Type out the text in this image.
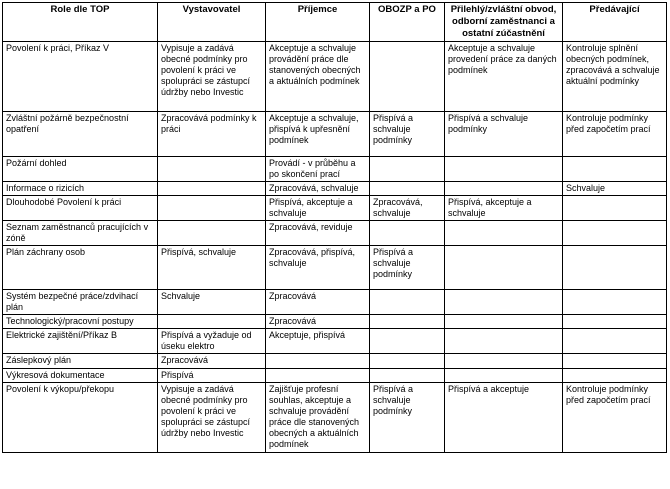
Role dle TOP	Vystavovatel	Příjemce	OBOZP a PO	Přilehlý/zvláštní obvod, odborní zaměstnanci a ostatní zúčastnění	Předávající
Povolení k práci, Příkaz V	Vypisuje a zadává obecné podmínky pro povolení k práci ve spolupráci se zástupcí údržby nebo Investic	Akceptuje a schvaluje provádění práce dle stanovených obecných a aktuálních podmínek		Akceptuje a schvaluje provedení práce za daných podmínek	Kontroluje splnění obecných podmínek, zpracovává a schvaluje aktuální podmínky
Zvláštní požárně bezpečnostní opatření	Zpracovává podmínky k práci	Akceptuje a schvaluje, přispívá k upřesnění podmínek	Přispívá a schvaluje podmínky	Přispívá a schvaluje podmínky	Kontroluje podmínky před započetím prací
Požární dohled		Provádí - v průběhu a po skončení prací			
Informace o rizicích		Zpracovává, schvaluje			Schvaluje
Dlouhodobé Povolení k práci		Přispívá, akceptuje a schvaluje	Zpracovává, schvaluje	Přispívá, akceptuje a schvaluje	
Seznam zaměstnanců pracujících v zóně		Zpracovává, reviduje			
Plán záchrany osob	Přispívá, schvaluje	Zpracovává, přispívá, schvaluje	Přispívá a schvaluje podmínky		
Systém bezpečné práce/zdvihací plán	Schvaluje	Zpracovává			
Technologický/pracovní postupy		Zpracovává			
Elektrické zajištění/Příkaz B	Přispívá a vyžaduje od úseku elektro	Akceptuje, přispívá			
Záslepkový plán	Zpracovává				
Výkresová dokumentace	Přispívá				
Povolení k výkopu/překopu	Vypisuje a zadává obecné podmínky pro povolení k práci ve spolupráci se zástupcí údržby nebo Investic	Zajišťuje profesní souhlas, akceptuje a schvaluje provádění práce dle stanovených obecných a aktuálních podmínek	Přispívá a schvaluje podmínky	Přispívá a akceptuje	Kontroluje podmínky před započetím prací
